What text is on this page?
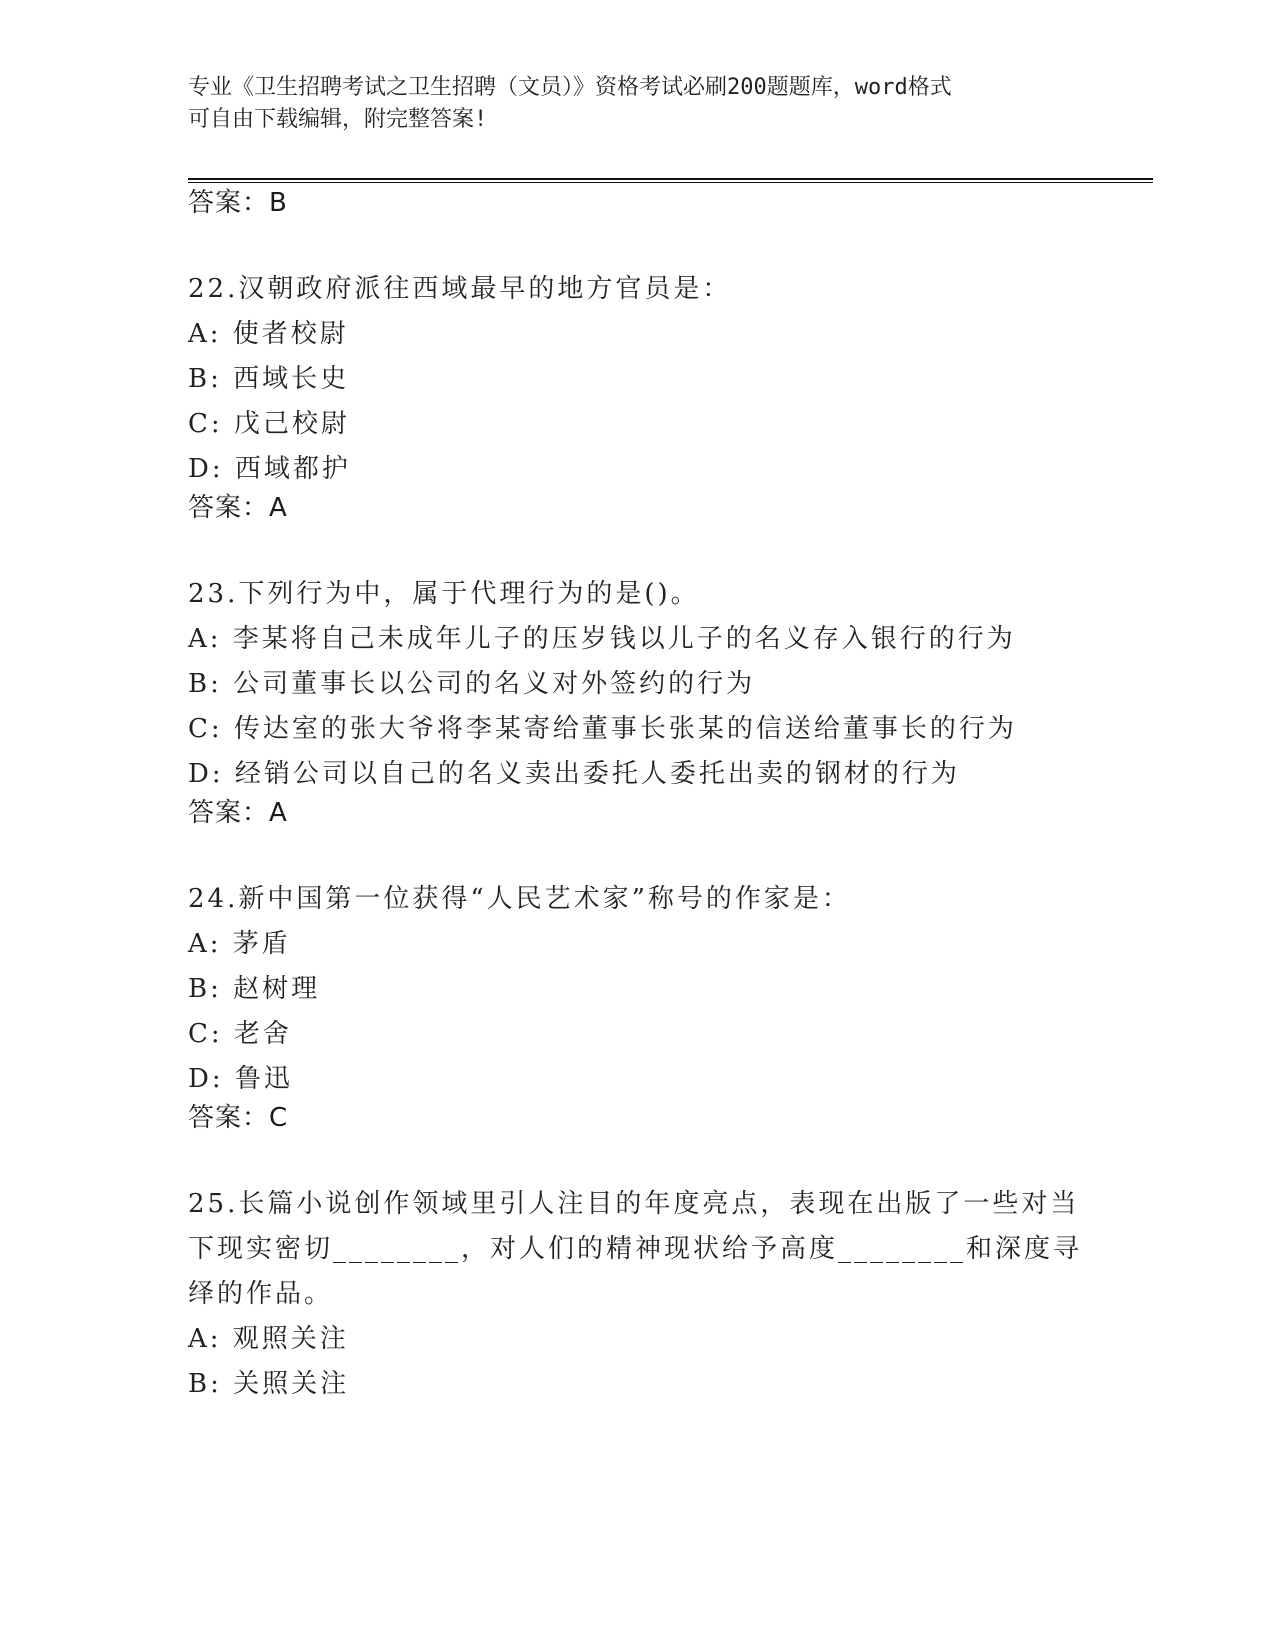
专业《卫生招聘考试之卫生招聘（文员）》资格考试必刷200题题库，word格式
可自由下载编辑，附完整答案!
答案：B
22.汉朝政府派往西域最早的地方官员是：
A: 使者校尉
B: 西域长史
C: 戊己校尉
D: 西域都护
答案：A
23.下列行为中，属于代理行为的是()。
A: 李某将自己未成年儿子的压岁钱以儿子的名义存入银行的行为
B: 公司董事长以公司的名义对外签约的行为
C: 传达室的张大爷将李某寄给董事长张某的信送给董事长的行为
D: 经销公司以自己的名义卖出委托人委托出卖的钢材的行为
答案：A
24.新中国第一位获得“人民艺术家”称号的作家是：
A: 茅盾
B: 赵树理
C: 老舍
D: 鲁迅
答案：C
25.长篇小说创作领域里引人注目的年度亮点，表现在出版了一些对当
下现实密切________，对人们的精神现状给予高度________和深度寻
绎的作品。
A: 观照关注
B: 关照关注
